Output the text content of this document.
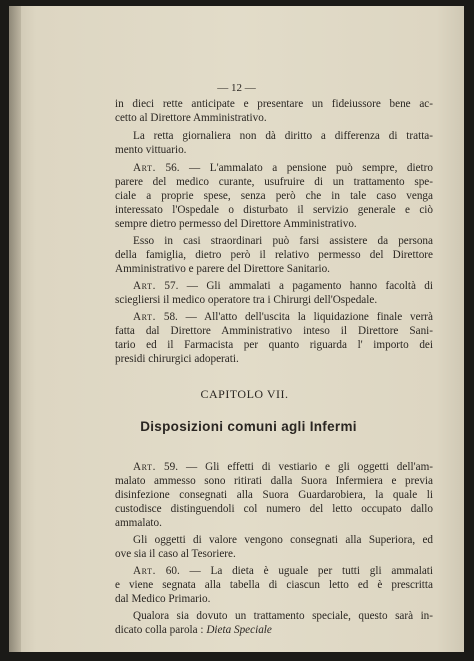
— 12 —
in dieci rette anticipate e presentare un fideiussore bene ac-
cetto al Direttore Amministrativo.
La retta giornaliera non dà diritto a differenza di tratta-
mento vittuario.
Art. 56. — L'ammalato a pensione può sempre, dietro
parere del medico curante, usufruire di un trattamento spe-
ciale a proprie spese, senza però che in tale caso venga
interessato l'Ospedale o disturbato il servizio generale e ciò
sempre dietro permesso del Direttore Amministrativo.
Esso in casi straordinari può farsi assistere da persona
della famiglia, dietro però il relativo permesso del Direttore
Amministrativo e parere del Direttore Sanitario.
Art. 57. — Gli ammalati a pagamento hanno facoltà di
sciegliersi il medico operatore tra i Chirurgi dell'Ospedale.
Art. 58. — All'atto dell'uscita la liquidazione finale verrà
fatta dal Direttore Amministrativo inteso il Direttore Sani-
tario ed il Farmacista per quanto riguarda l' importo dei
presidi chirurgici adoperati.
CAPITOLO VII.
Disposizioni comuni agli Infermi
Art. 59. — Gli effetti di vestiario e gli oggetti dell'am-
malato ammesso sono ritirati dalla Suora Infermiera e previa
disinfezione consegnati alla Suora Guardarobiera, la quale li
custodisce distinguendoli col numero del letto occupato dallo
ammalato.
Gli oggetti di valore vengono consegnati alla Superiora, ed
ove sia il caso al Tesoriere.
Art. 60. — La dieta è uguale per tutti gli ammalati
e viene segnata alla tabella di ciascun letto ed è prescritta
dal Medico Primario.
Qualora sia dovuto un trattamento speciale, questo sarà in-
dicato colla parola : Dieta Speciale
